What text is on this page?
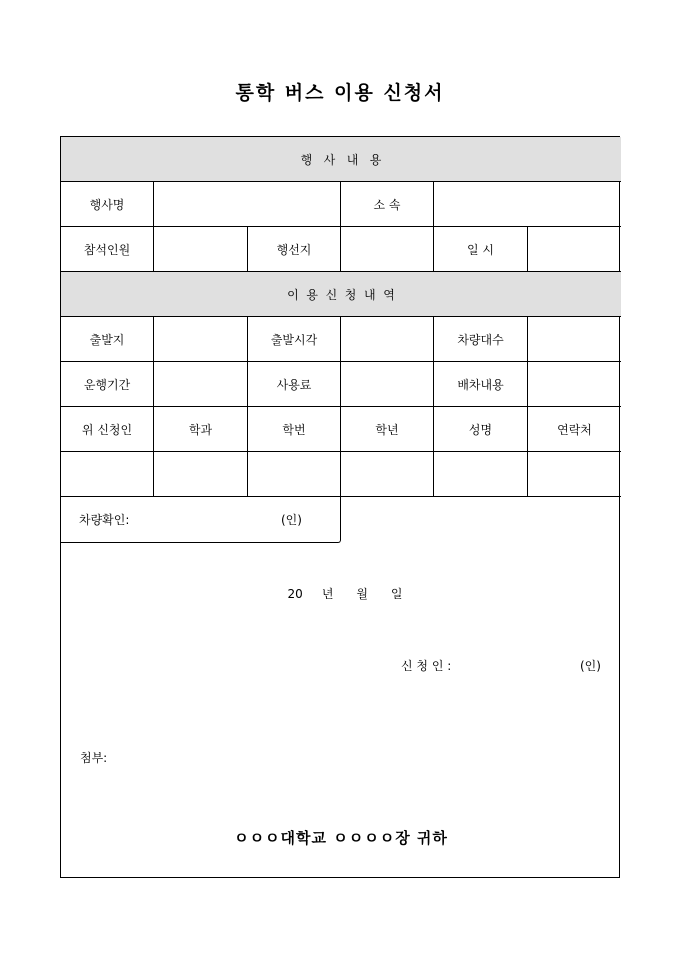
통학 버스 이용 신청서
행   사   내   용
행사명	소 속
참석인원	행선지	일 시
이  용  신  청  내  역
출발지	출발시각	차량대수
운행기간	사용료	배차내용
위 신청인	학과	학번	학년	성명	연락처
차량확인:	(인)
20     년      월      일
신 청 인 :	(인)
첨부:
ㅇㅇㅇ대학교 ㅇㅇㅇㅇ장 귀하
